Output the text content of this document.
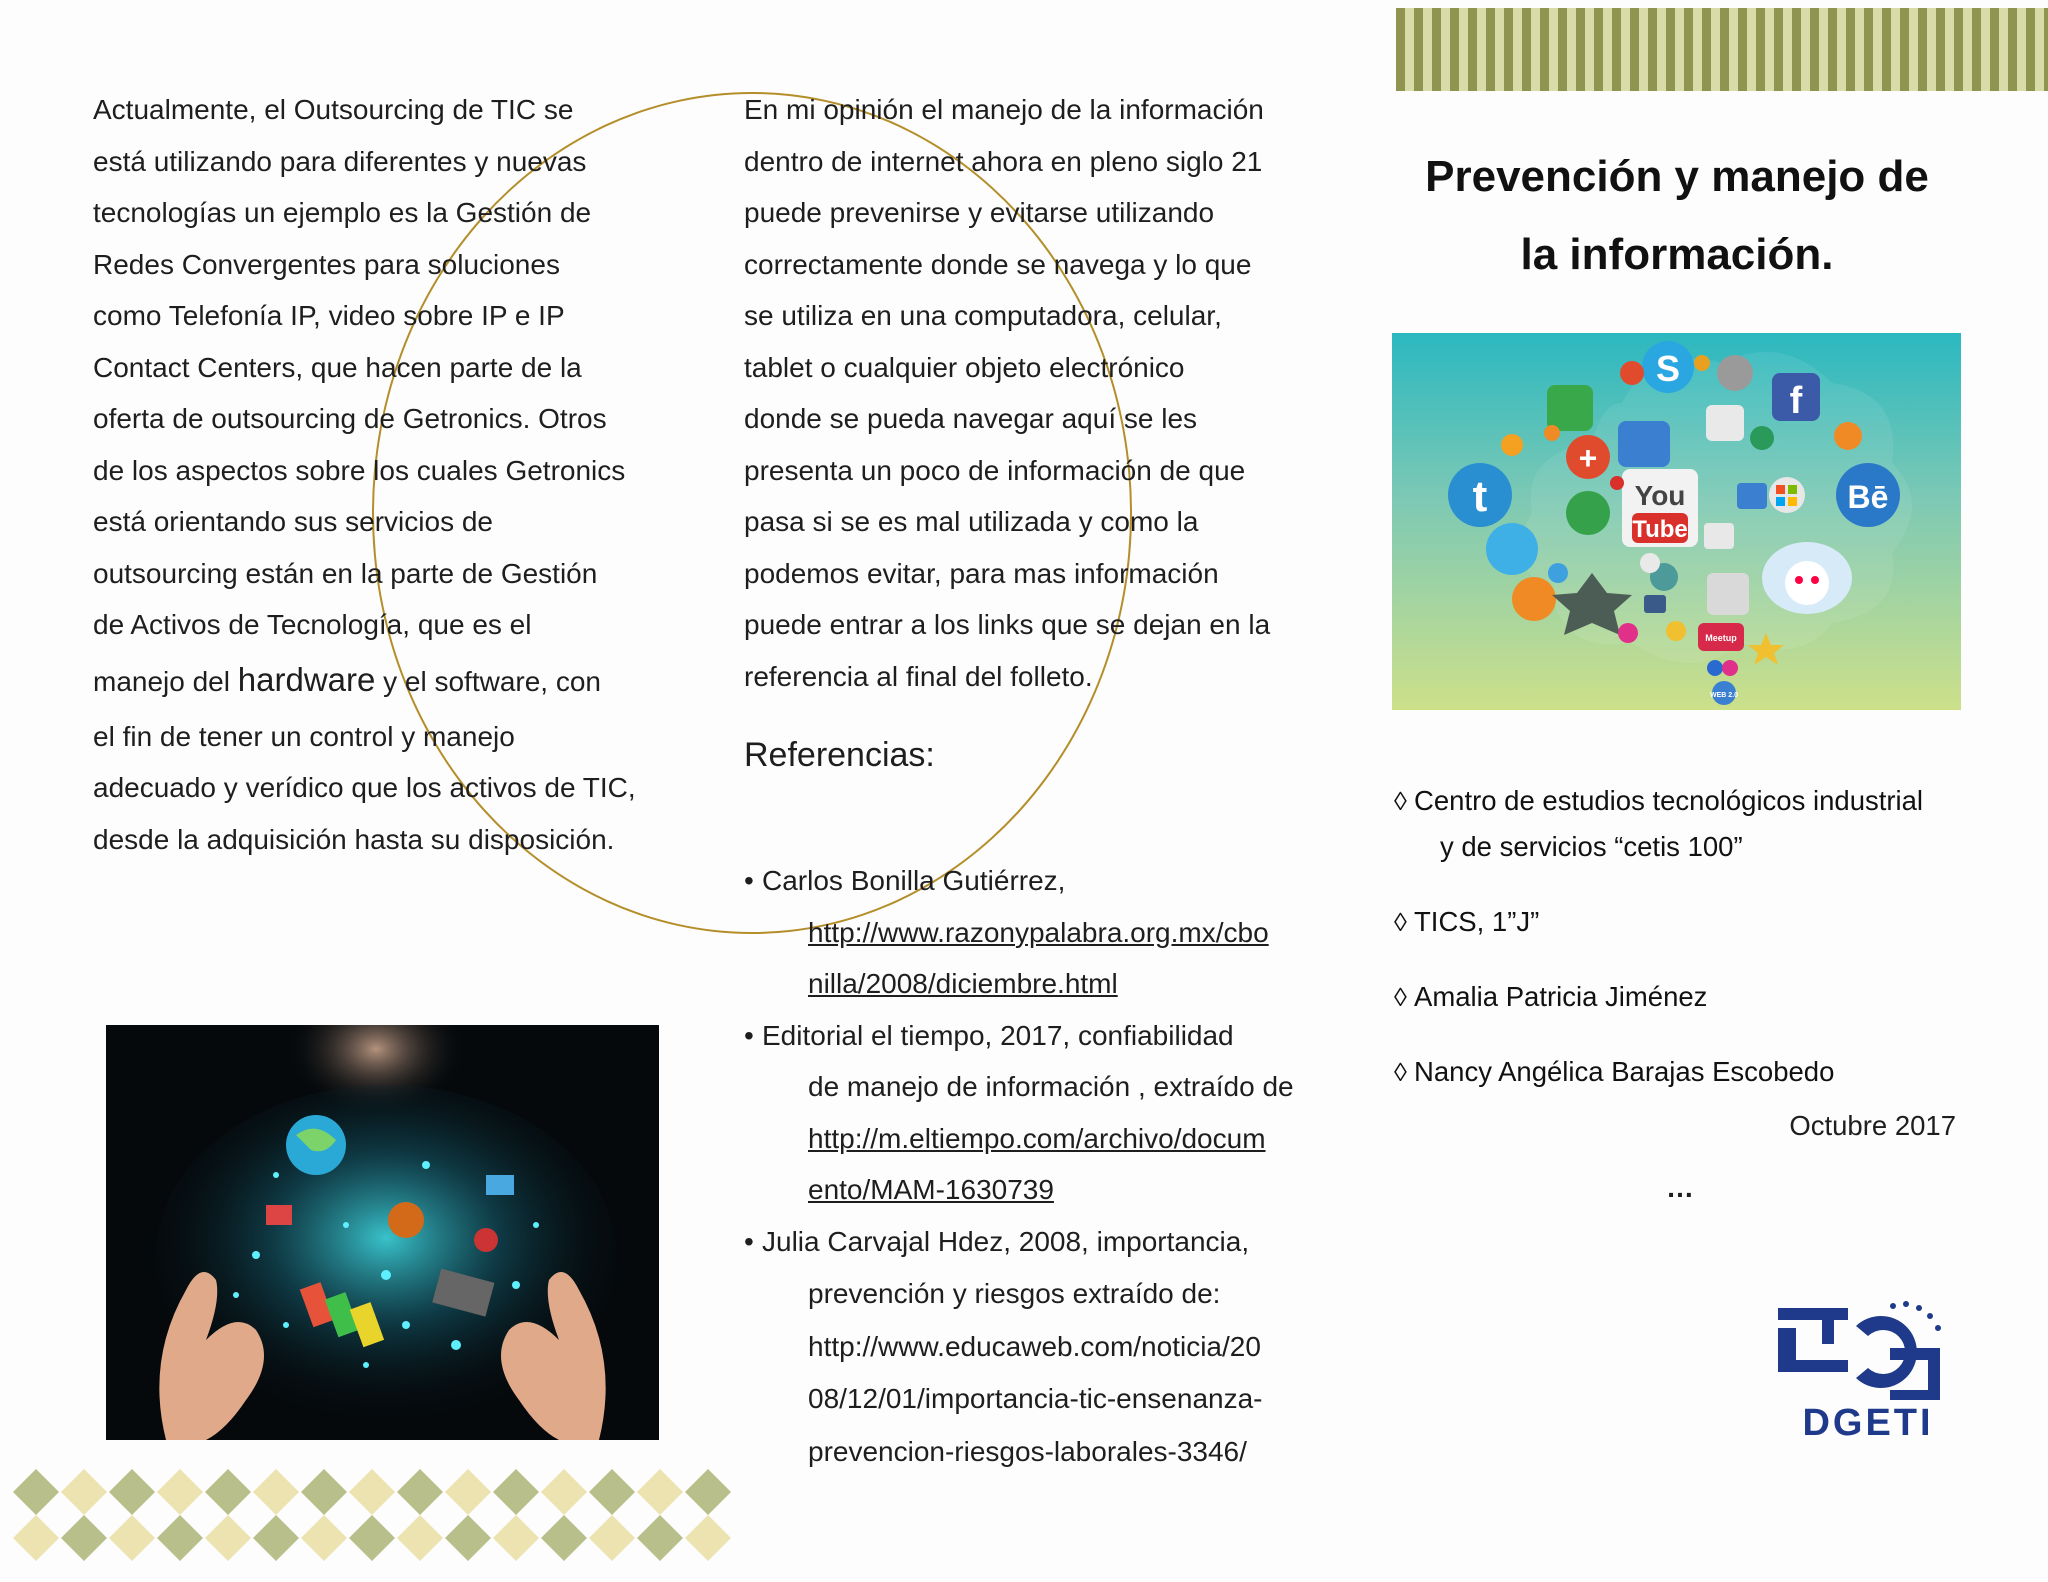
Actualmente, el Outsourcing de TIC se
está utilizando para diferentes y nuevas
tecnologías un ejemplo es la Gestión de
Redes Convergentes para soluciones
como Telefonía IP, video sobre IP e IP
Contact Centers, que hacen parte de la
oferta de outsourcing de Getronics. Otros
de los aspectos sobre los cuales Getronics
está orientando sus servicios de
outsourcing están en la parte de Gestión
de Activos de Tecnología, que es el
manejo del hardware y el software, con
el fin de tener un control y manejo
adecuado y verídico que los activos de TIC,
desde la adquisición hasta su disposición.
En mi opinión el manejo de la información
dentro de internet ahora en pleno siglo 21
puede prevenirse y evitarse utilizando
correctamente donde se navega y lo que
se utiliza en una computadora, celular,
tablet o cualquier objeto electrónico
donde se pueda navegar aquí se les
presenta un poco de información de que
pasa si se es mal utilizada y como la
podemos evitar, para mas información
puede entrar a los links que se dejan en la
referencia al final del folleto.
Referencias:
• Carlos Bonilla Gutiérrez,
http://www.razonypalabra.org.mx/cbo
nilla/2008/diciembre.html
• Editorial el tiempo, 2017, confiabilidad
de manejo de información , extraído de
http://m.eltiempo.com/archivo/docum
ento/MAM-1630739
• Julia Carvajal Hdez, 2008, importancia,
prevención y riesgos extraído de:
http://www.educaweb.com/noticia/20
08/12/01/importancia-tic-ensenanza-
prevencion-riesgos-laborales-3346/
Prevención y manejo de
la información.
t
S
f
+
You
Tube
Bē
Meetup
WEB 2.0
◊ Centro de estudios tecnológicos industrial
y de servicios “cetis 100”
◊ TICS, 1”J”
◊ Amalia Patricia Jiménez
◊ Nancy Angélica Barajas Escobedo
Octubre 2017
…
DGETI
